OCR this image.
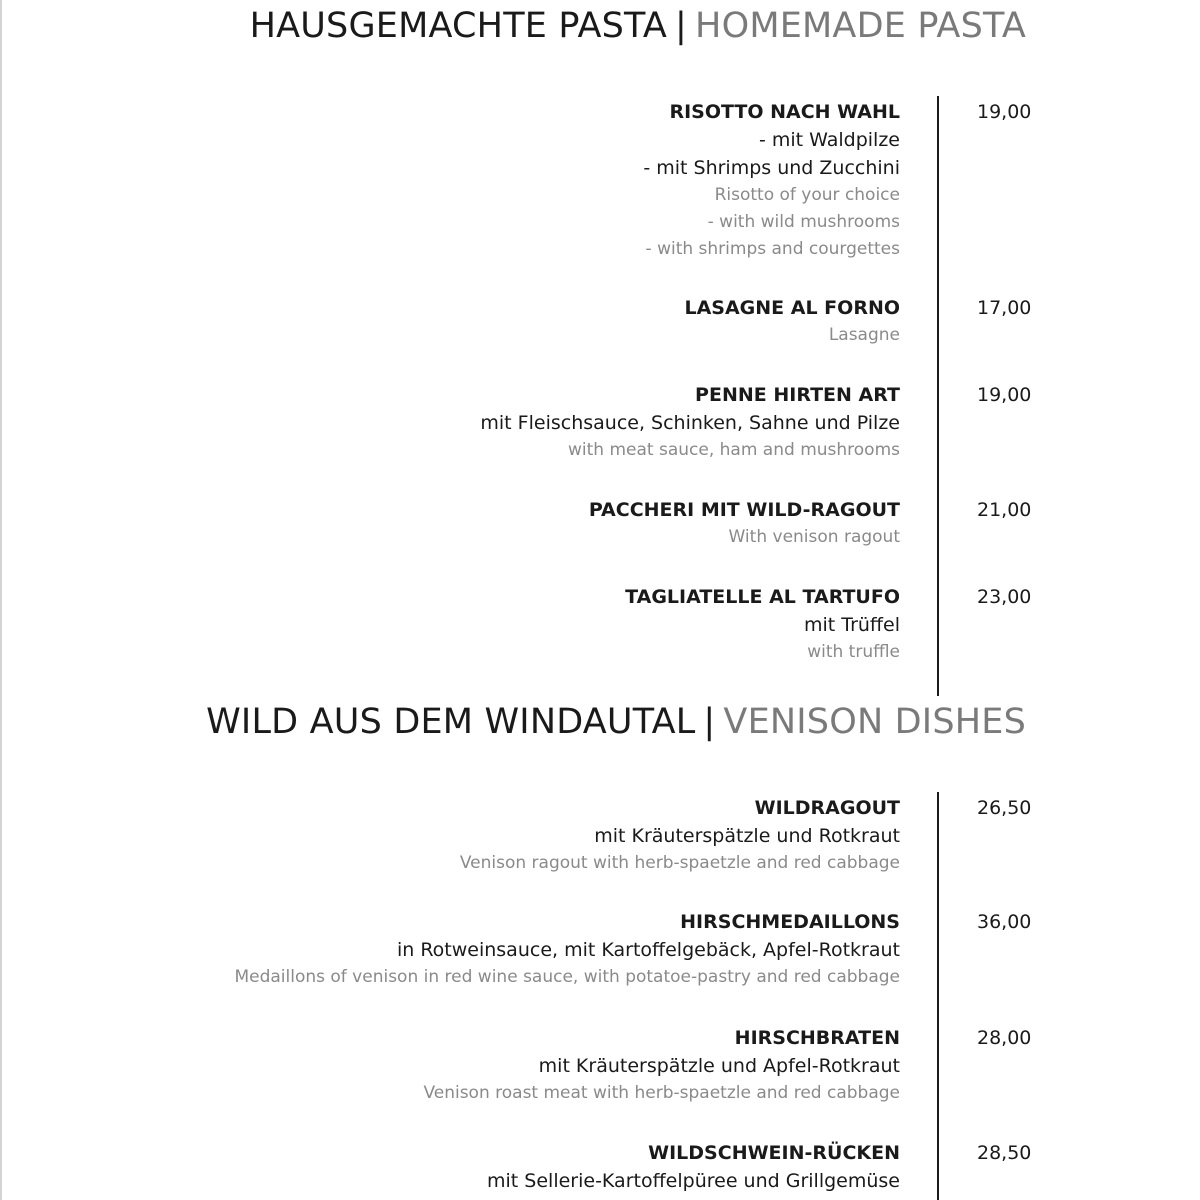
HAUSGEMACHTE PASTA | HOMEMADE PASTA
RISOTTO NACH WAHL
- mit Waldpilze
- mit Shrimps und Zucchini
Risotto of your choice
- with wild mushrooms
- with shrimps and courgettes
19,00
LASAGNE AL FORNO
Lasagne
17,00
PENNE HIRTEN ART
mit Fleischsauce, Schinken, Sahne und Pilze
with meat sauce, ham and mushrooms
19,00
PACCHERI MIT WILD-RAGOUT
With venison ragout
21,00
TAGLIATELLE AL TARTUFO
mit Trüffel
with truffle
23,00
WILD AUS DEM WINDAUTAL | VENISON DISHES
WILDRAGOUT
mit Kräuterspätzle und Rotkraut
Venison ragout with herb-spaetzle and red cabbage
26,50
HIRSCHMEDAILLONS
in Rotweinsauce, mit Kartoffelgebäck, Apfel-Rotkraut
Medaillons of venison in red wine sauce, with potatoe-pastry and red cabbage
36,00
HIRSCHBRATEN
mit Kräuterspätzle und Apfel-Rotkraut
Venison roast meat with herb-spaetzle and red cabbage
28,00
WILDSCHWEIN-RÜCKEN
mit Sellerie-Kartoffelpüree und Grillgemüse
28,50
